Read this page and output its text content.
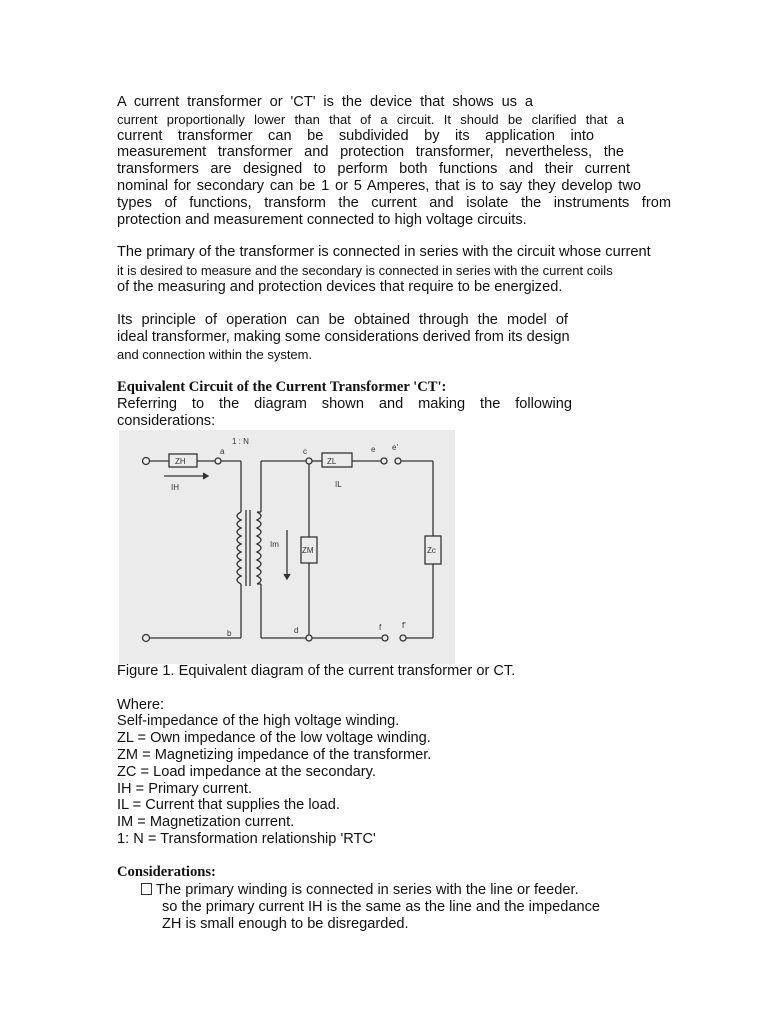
A current transformer or 'CT' is the device that shows us a
current proportionally lower than that of a circuit. It should be clarified that a
current transformer can be subdivided by its application into
measurement transformer and protection transformer, nevertheless, the
transformers are designed to perform both functions and their current
nominal for secondary can be 1 or 5 Amperes, that is to say they develop two
types of functions, transform the current and isolate the instruments from
protection and measurement connected to high voltage circuits.
The primary of the transformer is connected in series with the circuit whose current
it is desired to measure and the secondary is connected in series with the current coils
of the measuring and protection devices that require to be energized.
Its principle of operation can be obtained through the model of
ideal transformer, making some considerations derived from its design
and connection within the system.
Equivalent Circuit of the Current Transformer 'CT':
Referring to the diagram shown and making the following
considerations:
1 : N
ZH
a	c
ZL
e e'
IH	IL
Im
ZM	Zc
b	d	f	f'
Figure 1. Equivalent diagram of the current transformer or CT.
Where:
Self-impedance of the high voltage winding.
ZL = Own impedance of the low voltage winding.
ZM = Magnetizing impedance of the transformer.
ZC = Load impedance at the secondary.
IH = Primary current.
IL = Current that supplies the load.
IM = Magnetization current.
1: N = Transformation relationship 'RTC'
Considerations:
The primary winding is connected in series with the line or feeder.
so the primary current IH is the same as the line and the impedance
ZH is small enough to be disregarded.
